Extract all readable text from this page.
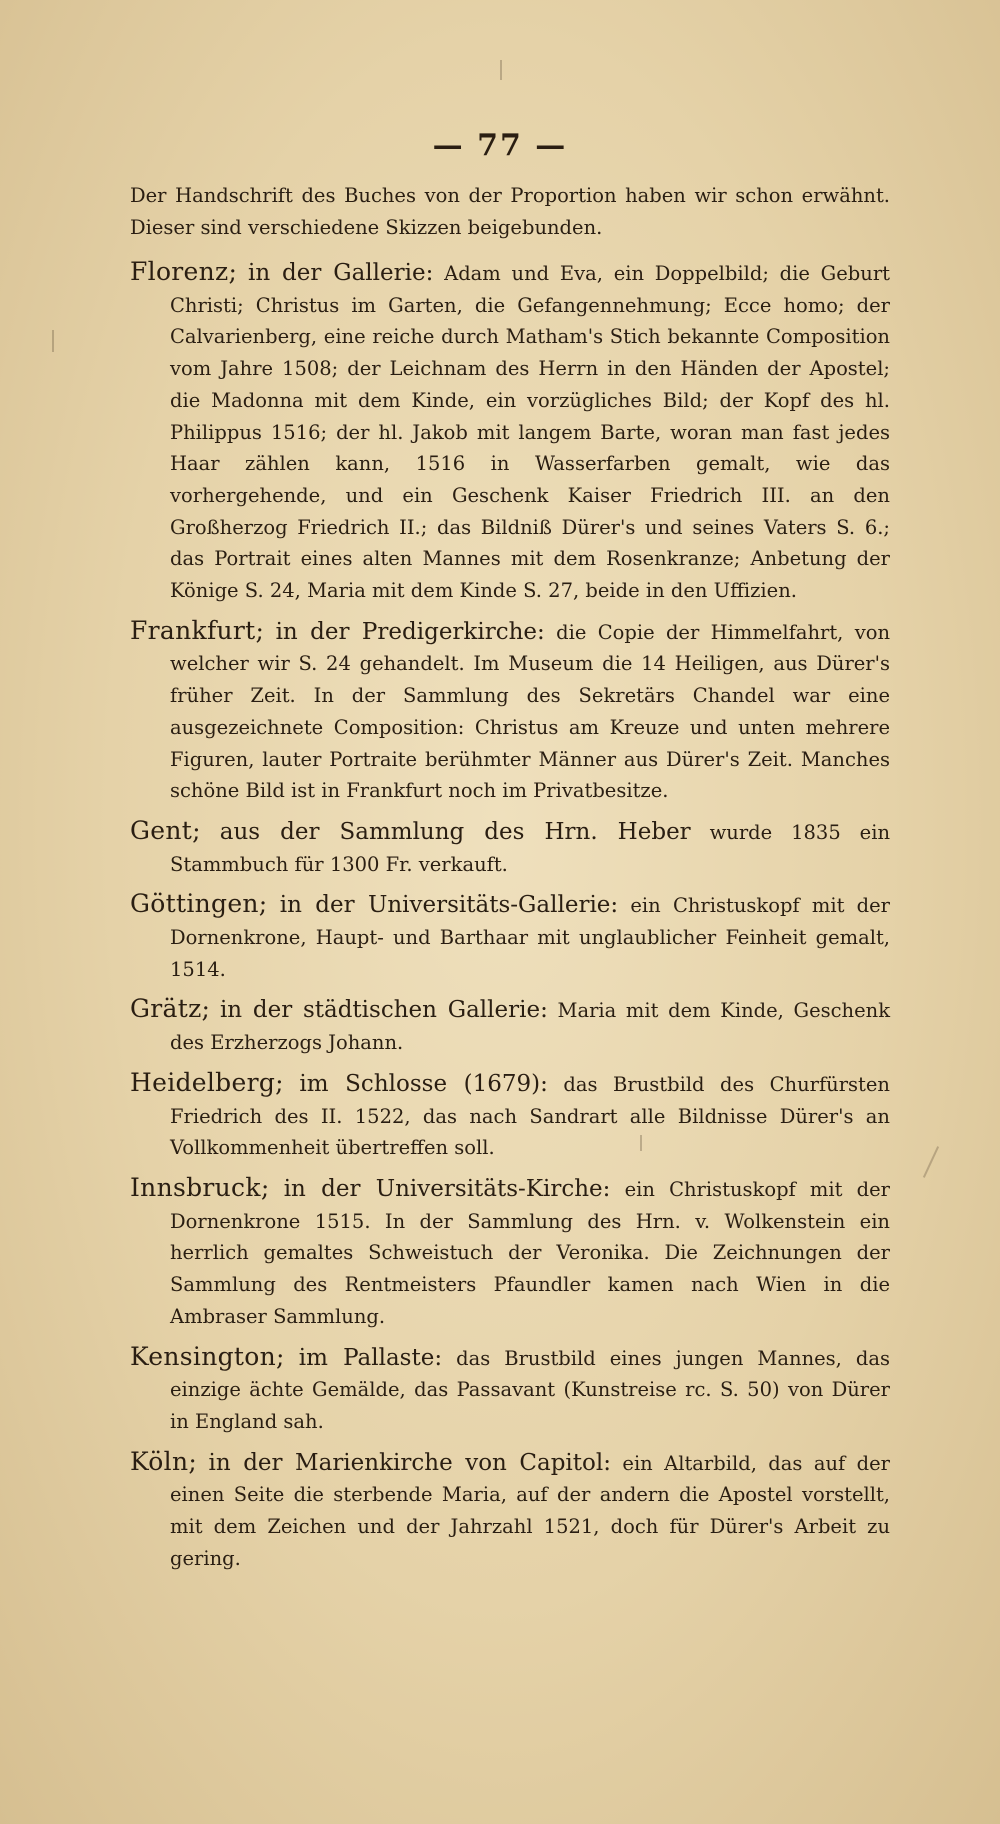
— 77 —

Der Handschrift des Buches von der Proportion haben wir schon erwähnt. Dieser sind verschiedene Skizzen beigebunden.

Florenz; in der Gallerie: Adam und Eva, ein Doppelbild; die Geburt Christi; Christus im Garten, die Gefangennehmung; Ecce homo; der Calvarienberg, eine reiche durch Matham's Stich bekannte Composition vom Jahre 1508; der Leichnam des Herrn in den Händen der Apostel; die Madonna mit dem Kinde, ein vorzügliches Bild; der Kopf des hl. Philippus 1516; der hl. Jakob mit langem Barte, woran man fast jedes Haar zählen kann, 1516 in Wasserfarben gemalt, wie das vorhergehende, und ein Geschenk Kaiser Friedrich III. an den Großherzog Friedrich II.; das Bildniß Dürer's und seines Vaters S. 6.; das Portrait eines alten Mannes mit dem Rosenkranze; Anbetung der Könige S. 24, Maria mit dem Kinde S. 27, beide in den Uffizien.

Frankfurt; in der Predigerkirche: die Copie der Himmelfahrt, von welcher wir S. 24 gehandelt. Im Museum die 14 Heiligen, aus Dürer's früher Zeit. In der Sammlung des Sekretärs Chandel war eine ausgezeichnete Composition: Christus am Kreuze und unten mehrere Figuren, lauter Portraite berühmter Männer aus Dürer's Zeit. Manches schöne Bild ist in Frankfurt noch im Privatbesitze.

Gent; aus der Sammlung des Hrn. Heber wurde 1835 ein Stammbuch für 1300 Fr. verkauft.

Göttingen; in der Universitäts-Gallerie: ein Christuskopf mit der Dornenkrone, Haupt- und Barthaar mit unglaublicher Feinheit gemalt, 1514.

Grätz; in der städtischen Gallerie: Maria mit dem Kinde, Geschenk des Erzherzogs Johann.

Heidelberg; im Schlosse (1679): das Brustbild des Churfürsten Friedrich des II. 1522, das nach Sandrart alle Bildnisse Dürer's an Vollkommenheit übertreffen soll.

Innsbruck; in der Universitäts-Kirche: ein Christuskopf mit der Dornenkrone 1515. In der Sammlung des Hrn. v. Wolkenstein ein herrlich gemaltes Schweistuch der Veronika. Die Zeichnungen der Sammlung des Rentmeisters Pfaundler kamen nach Wien in die Ambraser Sammlung.

Kensington; im Pallaste: das Brustbild eines jungen Mannes, das einzige ächte Gemälde, das Passavant (Kunstreise rc. S. 50) von Dürer in England sah.

Köln; in der Marienkirche von Capitol: ein Altarbild, das auf der einen Seite die sterbende Maria, auf der andern die Apostel vorstellt, mit dem Zeichen und der Jahrzahl 1521, doch für Dürer's Arbeit zu gering.
